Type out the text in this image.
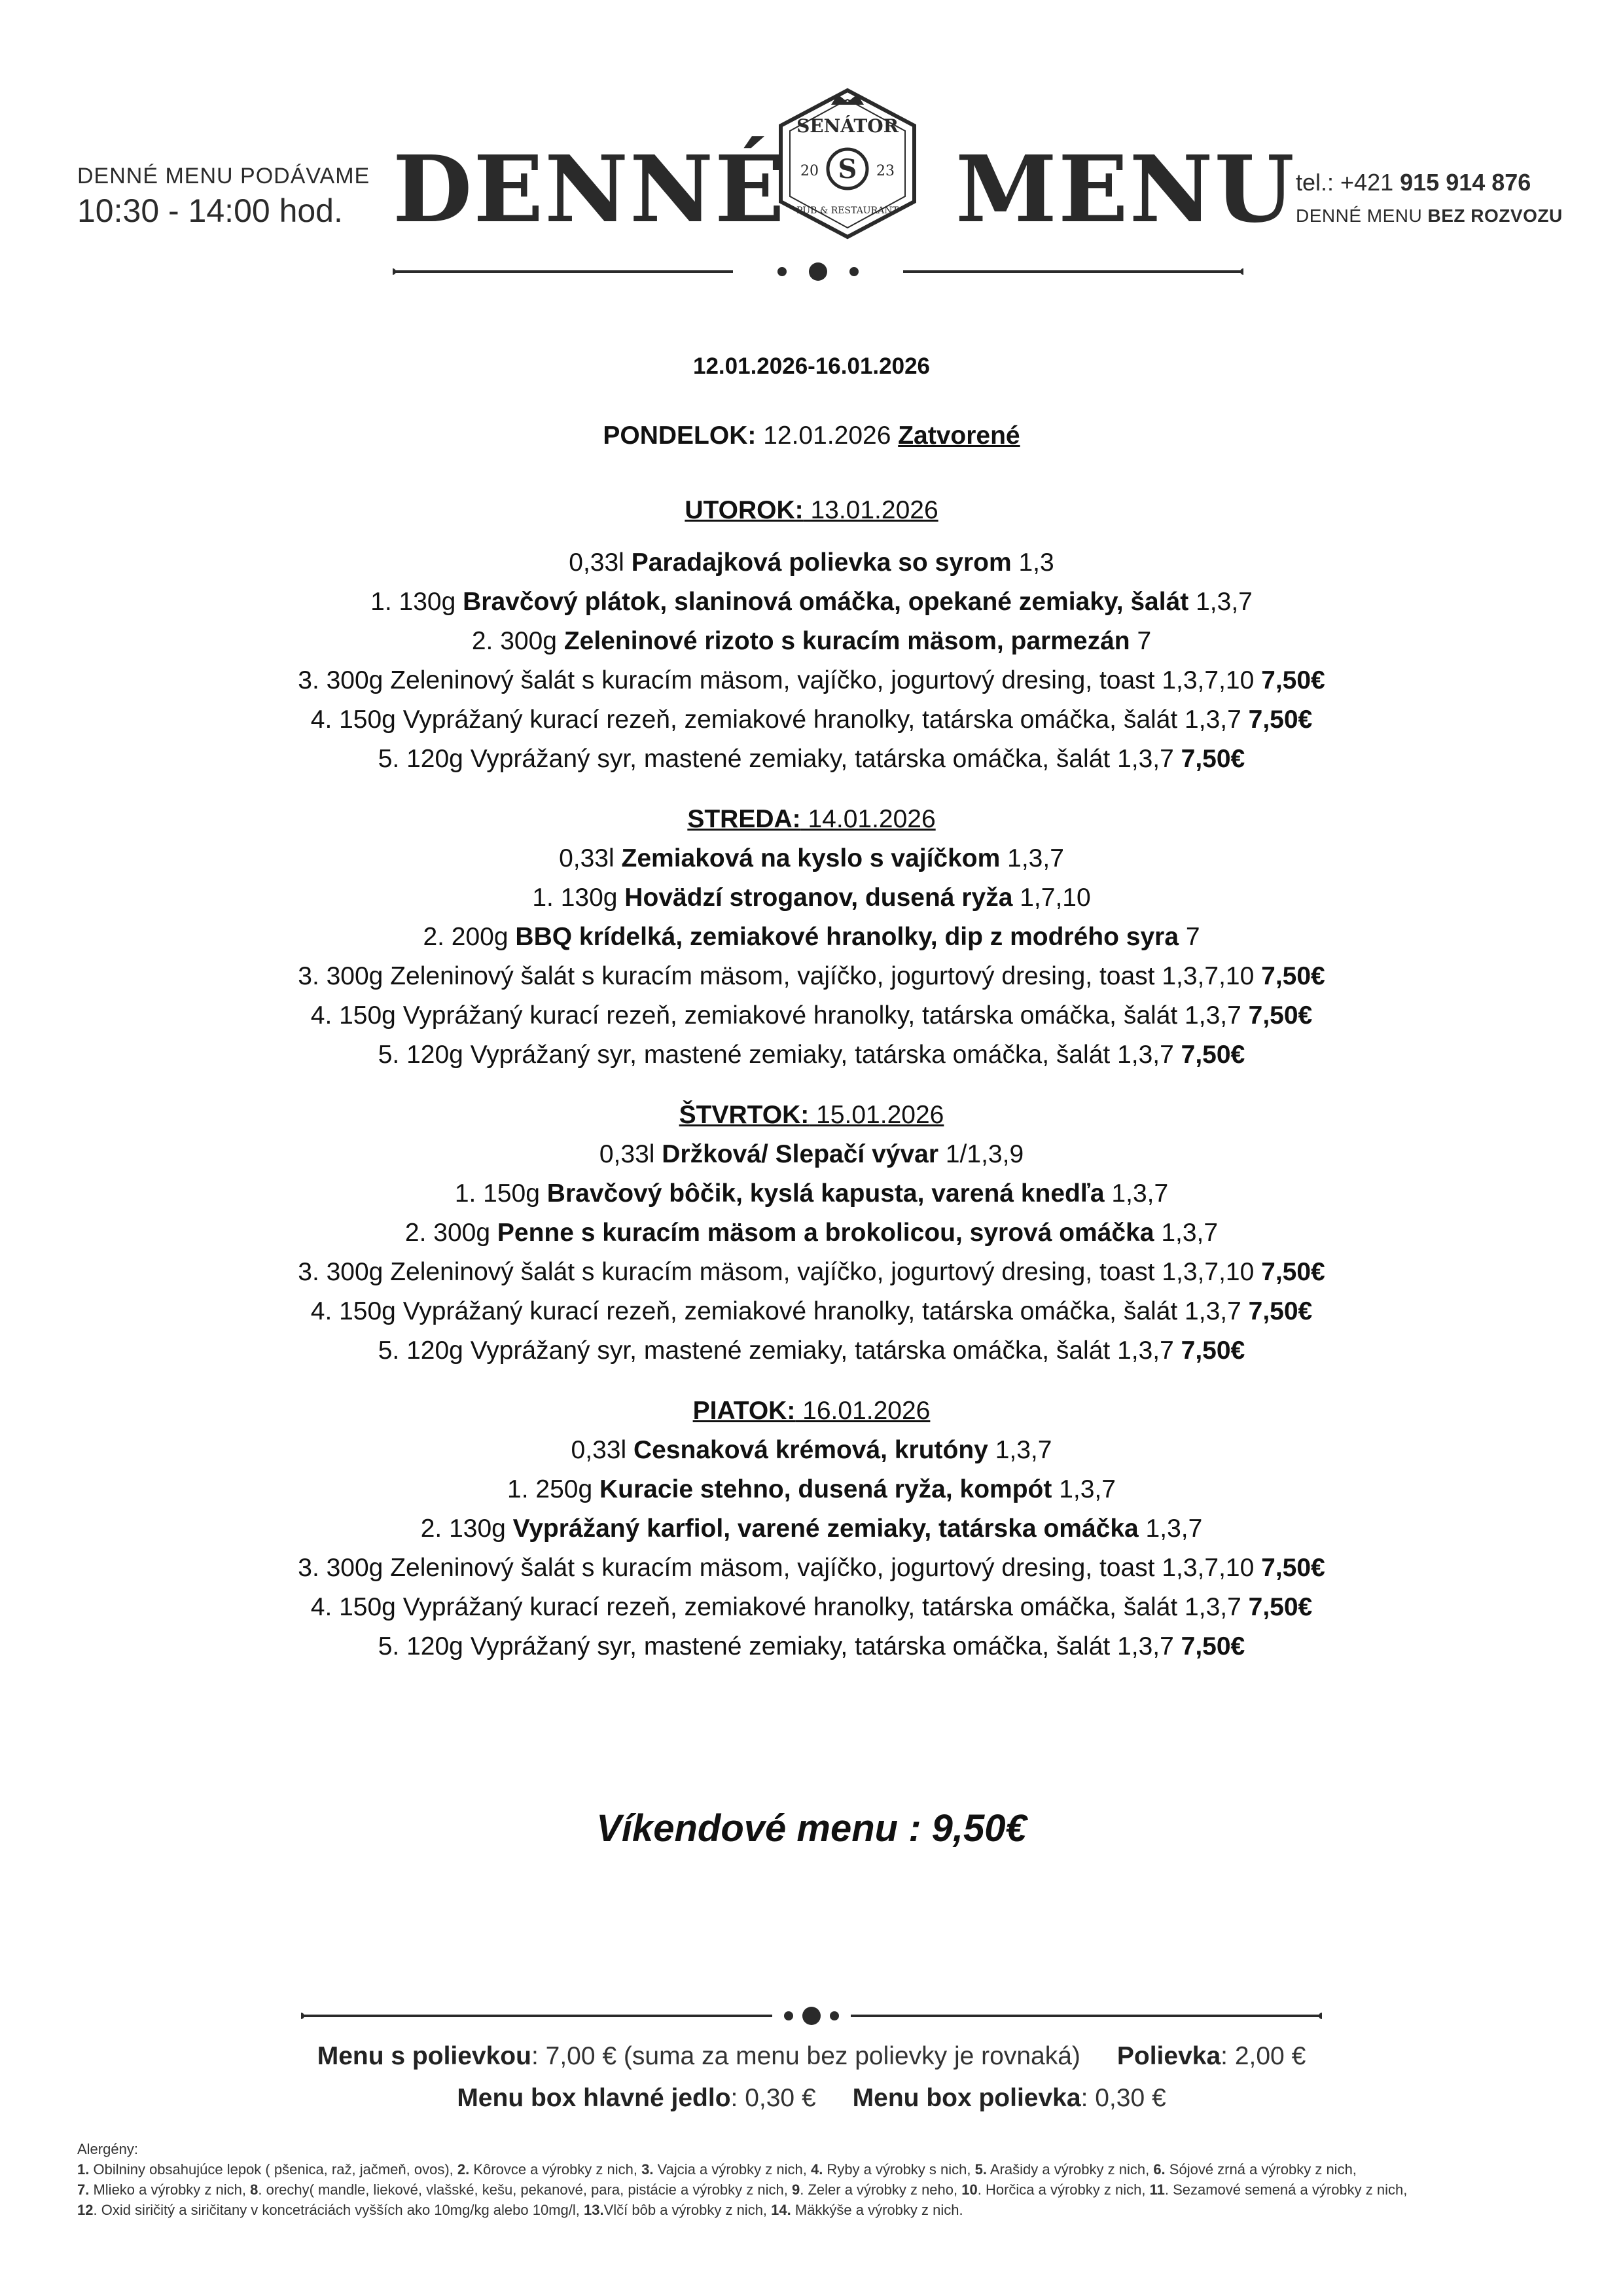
DENNÉ MENU PODÁVAME
10:30 - 14:00 hod. DENNÉ
SENÁTOR
20	23
S
PUB & RESTAURANT MENU tel.: +421 915 914 876
DENNÉ MENU BEZ ROZVOZU
12.01.2026-16.01.2026
PONDELOK: 12.01.2026 Zatvorené
UTOROK: 13.01.2026
0,33l Paradajková polievka so syrom 1,3
1. 130g Bravčový plátok, slaninová omáčka, opekané zemiaky, šalát 1,3,7
2. 300g Zeleninové rizoto s kuracím mäsom, parmezán 7
3. 300g Zeleninový šalát s kuracím mäsom, vajíčko, jogurtový dresing, toast 1,3,7,10 7,50€
4. 150g Vyprážaný kurací rezeň, zemiakové hranolky, tatárska omáčka, šalát 1,3,7 7,50€
5. 120g Vyprážaný syr, mastené zemiaky, tatárska omáčka, šalát 1,3,7 7,50€
STREDA: 14.01.2026
0,33l Zemiaková na kyslo s vajíčkom 1,3,7
1. 130g Hovädzí stroganov, dusená ryža 1,7,10
2. 200g BBQ krídelká, zemiakové hranolky, dip z modrého syra 7
3. 300g Zeleninový šalát s kuracím mäsom, vajíčko, jogurtový dresing, toast 1,3,7,10 7,50€
4. 150g Vyprážaný kurací rezeň, zemiakové hranolky, tatárska omáčka, šalát 1,3,7 7,50€
5. 120g Vyprážaný syr, mastené zemiaky, tatárska omáčka, šalát 1,3,7 7,50€
ŠTVRTOK: 15.01.2026
0,33l Držková/ Slepačí vývar 1/1,3,9
1. 150g Bravčový bôčik, kyslá kapusta, varená knedľa 1,3,7
2. 300g Penne s kuracím mäsom a brokolicou, syrová omáčka 1,3,7
3. 300g Zeleninový šalát s kuracím mäsom, vajíčko, jogurtový dresing, toast 1,3,7,10 7,50€
4. 150g Vyprážaný kurací rezeň, zemiakové hranolky, tatárska omáčka, šalát 1,3,7 7,50€
5. 120g Vyprážaný syr, mastené zemiaky, tatárska omáčka, šalát 1,3,7 7,50€
PIATOK: 16.01.2026
0,33l Cesnaková krémová, krutóny 1,3,7
1. 250g Kuracie stehno, dusená ryža, kompót 1,3,7
2. 130g Vyprážaný karfiol, varené zemiaky, tatárska omáčka 1,3,7
3. 300g Zeleninový šalát s kuracím mäsom, vajíčko, jogurtový dresing, toast 1,3,7,10 7,50€
4. 150g Vyprážaný kurací rezeň, zemiakové hranolky, tatárska omáčka, šalát 1,3,7 7,50€
5. 120g Vyprážaný syr, mastené zemiaky, tatárska omáčka, šalát 1,3,7 7,50€
Víkendové menu : 9,50€
Menu s polievkou: 7,00 € (suma za menu bez polievky je rovnaká) Polievka: 2,00 €
Menu box hlavné jedlo: 0,30 € Menu box polievka: 0,30 €
Alergény:
1. Obilniny obsahujúce lepok ( pšenica, raž, jačmeň, ovos), 2. Kôrovce a výrobky z nich, 3. Vajcia a výrobky z nich, 4. Ryby a výrobky s nich, 5. Arašidy a výrobky z nich, 6. Sójové zrná a výrobky z nich,
7. Mlieko a výrobky z nich, 8. orechy( mandle, liekové, vlašské, kešu, pekanové, para, pistácie a výrobky z nich, 9. Zeler a výrobky z neho, 10. Horčica a výrobky z nich, 11. Sezamové semená a výrobky z nich,
12. Oxid siričitý a siričitany v koncetráciách vyšších ako 10mg/kg alebo 10mg/l, 13.Vlčí bôb a výrobky z nich, 14. Mäkkýše a výrobky z nich.
